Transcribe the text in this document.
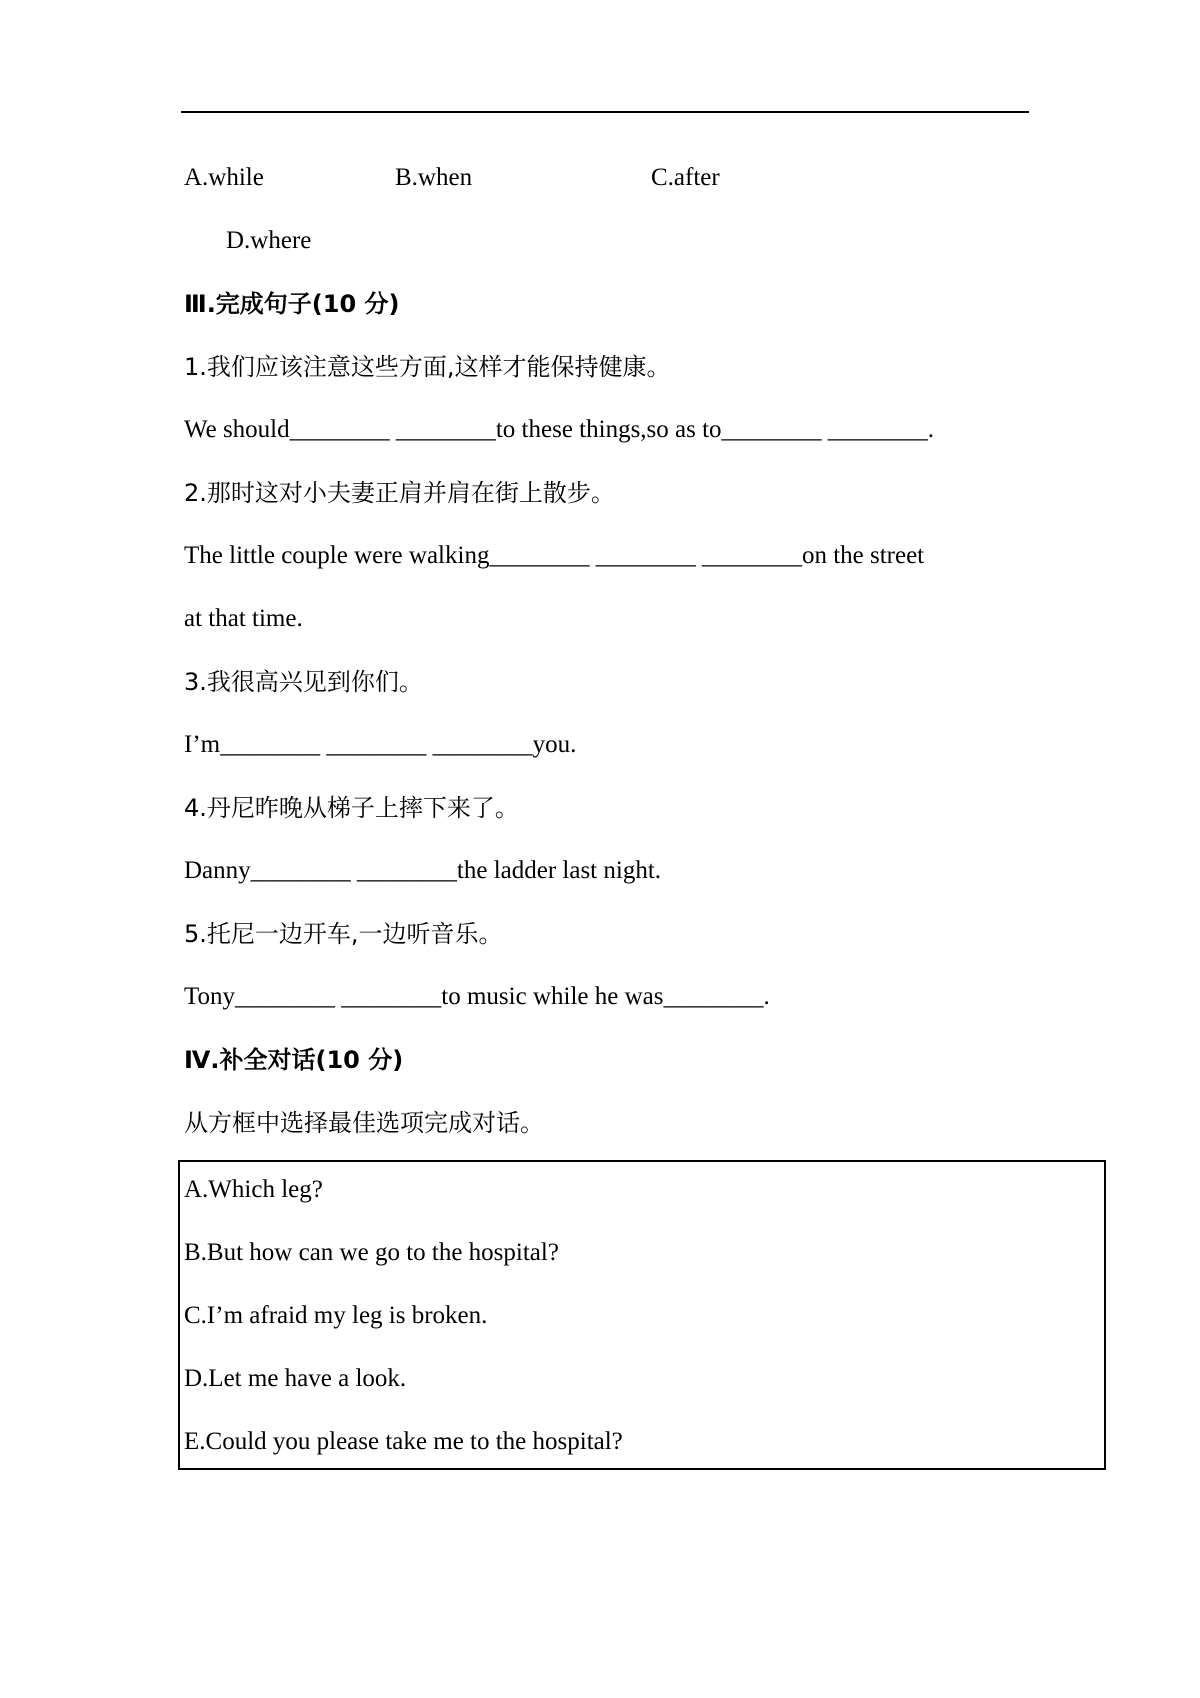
A.while	B.when	C.after
D.where
Ⅲ.完成句子(10 分)
1.我们应该注意这些方面,这样才能保持健康。
We should________ ________to these things,so as to________ ________.
2.那时这对小夫妻正肩并肩在街上散步。
The little couple were walking________ ________ ________on the street
at that time.
3.我很高兴见到你们。
I’m________ ________ ________you.
4.丹尼昨晚从梯子上摔下来了。
Danny________ ________the ladder last night.
5.托尼一边开车,一边听音乐。
Tony________ ________to music while he was________.
Ⅳ.补全对话(10 分)
从方框中选择最佳选项完成对话。
A.Which leg?
B.But how can we go to the hospital?
C.I’m afraid my leg is broken.
D.Let me have a look.
E.Could you please take me to the hospital?
